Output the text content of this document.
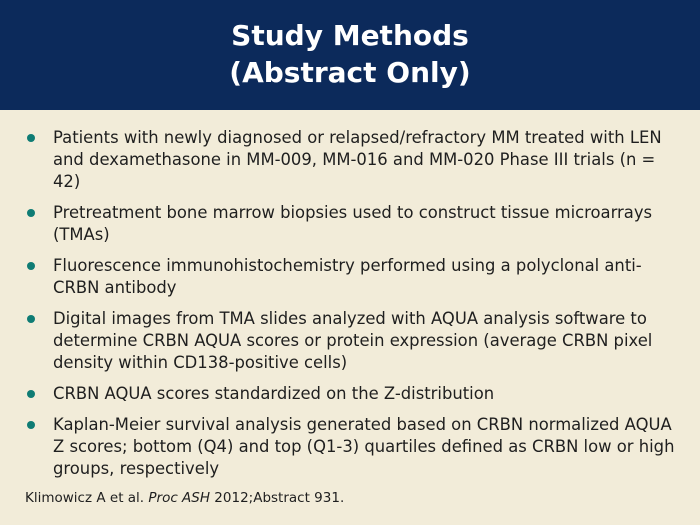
Study Methods
(Abstract Only)
Patients with newly diagnosed or relapsed/refractory MM treated with LEN and dexamethasone in MM-009, MM-016 and MM-020 Phase III trials (n = 42)
Pretreatment bone marrow biopsies used to construct tissue microarrays (TMAs)
Fluorescence immunohistochemistry performed using a polyclonal anti-CRBN antibody
Digital images from TMA slides analyzed with AQUA analysis software to determine CRBN AQUA scores or protein expression (average CRBN pixel density within CD138-positive cells)
CRBN AQUA scores standardized on the Z-distribution
Kaplan-Meier survival analysis generated based on CRBN normalized AQUA Z scores; bottom (Q4) and top (Q1-3) quartiles defined as CRBN low or high groups, respectively
Klimowicz A et al. Proc ASH 2012;Abstract 931.
